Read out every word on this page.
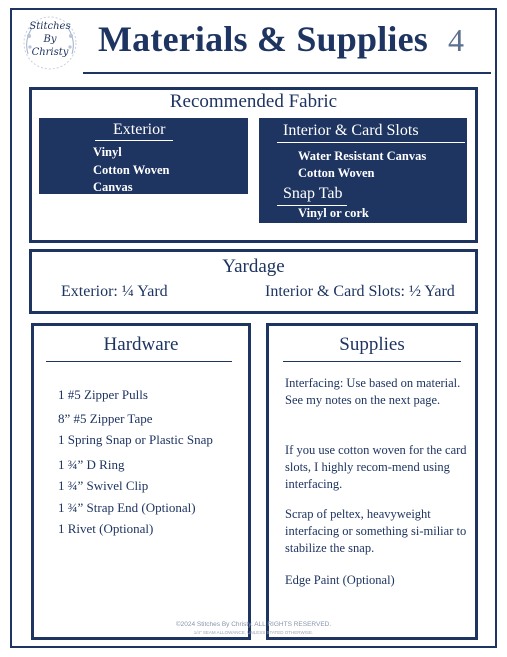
Stitches
By
Christy Materials & Supplies 4
Recommended Fabric
Exterior
Vinyl
Cotton Woven
Canvas
Interior & Card Slots
Water Resistant Canvas
Cotton Woven
Snap Tab
Vinyl or cork
Yardage
Exterior: ¼ Yard	Interior & Card Slots: ½ Yard
Hardware
1 #5 Zipper Pulls
8” #5 Zipper Tape
1 Spring Snap or Plastic Snap
1 ¾” D Ring
1 ¾” Swivel Clip
1 ¾” Strap End (Optional)
1 Rivet (Optional)
Supplies
Interfacing: Use based on material. See my notes on the next page.
If you use cotton woven for the card slots, I highly recom-mend using interfacing.
Scrap of peltex, heavyweight interfacing or something si-miliar to stabilize the snap.
Edge Paint (Optional)
©2024 Stitches By Christy. ALL RIGHTS RESERVED.
1/4" SEAM ALLOWANCE, UNLESS STATED OTHERWISE.
